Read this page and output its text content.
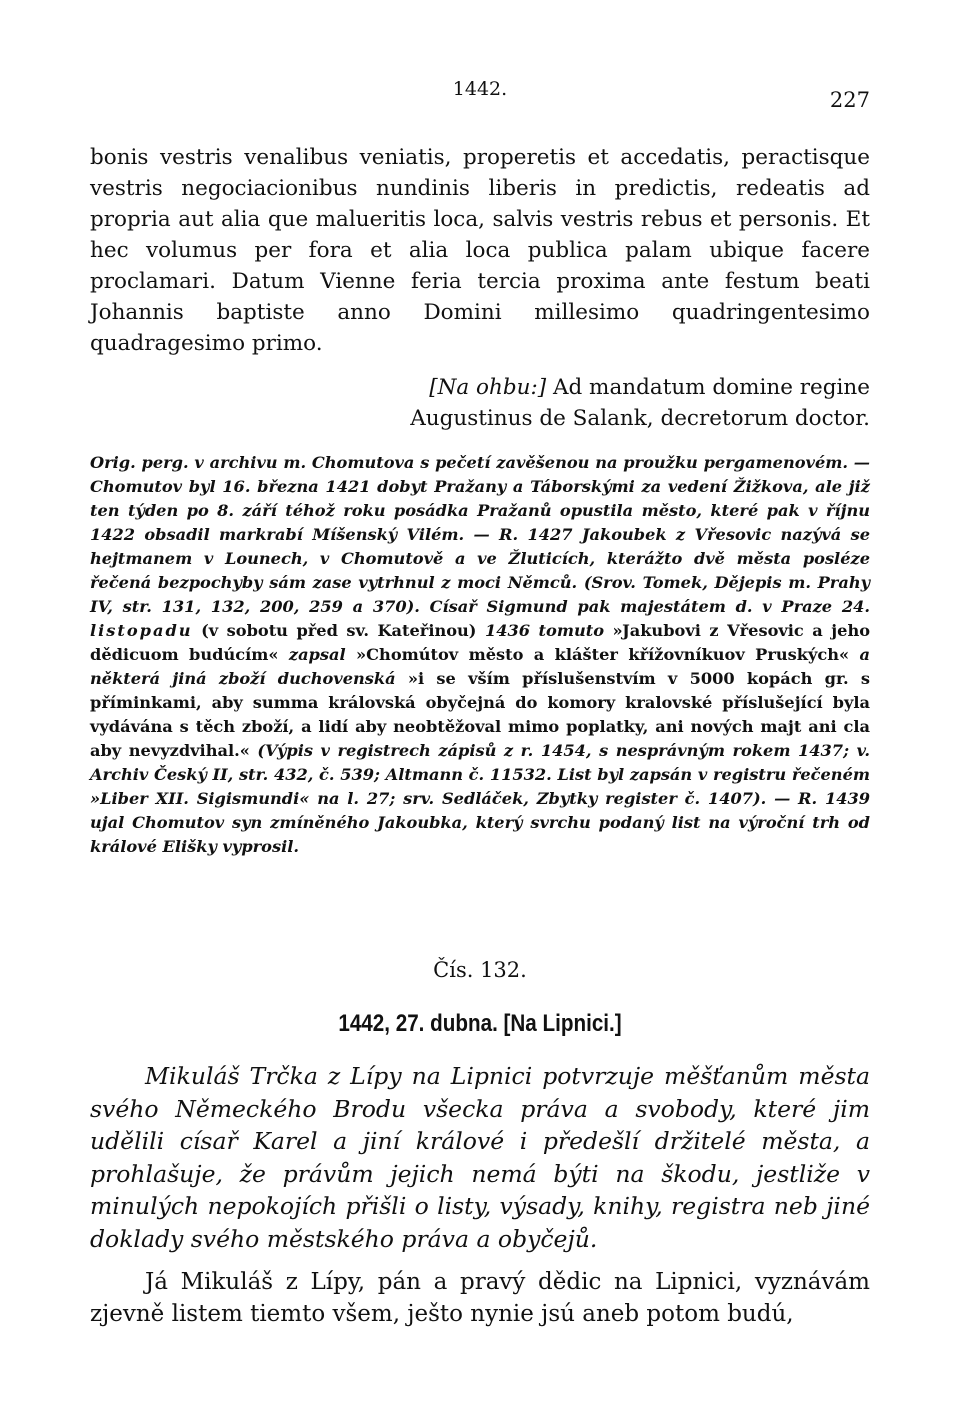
1442.	227

bonis vestris venalibus veniatis, properetis et accedatis, peractisque vestris negociacionibus nundinis liberis in predictis, redeatis ad propria aut alia que malueritis loca, salvis vestris rebus et personis. Et hec volumus per fora et alia loca publica palam ubique facere proclamari. Datum Vienne feria tercia proxima ante festum beati Johannis baptiste anno Domini millesimo quadringentesimo quadragesimo primo.

[Na ohbu:] Ad mandatum domine regine
Augustinus de Salank, decretorum doctor.

Orig. perg. v archivu m. Chomutova s pečetí zavěšenou na proužku pergamenovém. — Chomutov byl 16. března 1421 dobyt Pražany a Táborskými za vedení Žižkova, ale již ten týden po 8. září téhož roku posádka Pražanů opustila město, které pak v říjnu 1422 obsadil markrabí Míšenský Vilém. — R. 1427 Jakoubek z Vřesovic nazývá se hejtmanem v Lounech, v Chomutově a ve Žluticích, kterážto dvě města posléze řečená bezpochyby sám zase vytrhnul z moci Němců. (Srov. Tomek, Dějepis m. Prahy IV, str. 131, 132, 200, 259 a 370). Císař Sigmund pak majestátem d. v Praze 24. listopadu (v sobotu před sv. Kateřinou) 1436 tomuto »Jakubovi z Vřesovic a jeho dědicuom budúcím« zapsal »Chomútov město a klášter křížovníkuov Pruských« a některá jiná zboží duchovenská »i se vším příslušenstvím v 5000 kopách gr. s příminkami, aby summa královská obyčejná do komory kralovské příslušející byla vydávána s těch zboží, a lidí aby neobtěžoval mimo poplatky, ani nových majt ani cla aby nevyzdvihal.« (Výpis v registrech zápisů z r. 1454, s nesprávným rokem 1437; v. Archiv Český II, str. 432, č. 539; Altmann č. 11532. List byl zapsán v registru řečeném »Liber XII. Sigismundi« na l. 27; srv. Sedláček, Zbytky register č. 1407). — R. 1439 ujal Chomutov syn zmíněného Jakoubka, který svrchu podaný list na výroční trh od králové Elišky vyprosil.

Čís. 132.
1442, 27. dubna. [Na Lipnici.]

Mikuláš Trčka z Lípy na Lipnici potvrzuje měšťanům města svého Německého Brodu všecka práva a svobody, které jim udělili císař Karel a jiní králové i předešlí držitelé města, a prohlašuje, že právům jejich nemá býti na škodu, jestliže v minulých nepokojích přišli o listy, výsady, knihy, registra neb jiné doklady svého městského práva a obyčejů.

Já Mikuláš z Lípy, pán a pravý dědic na Lipnici, vyznávám zjevně listem tiemto všem, ješto nynie jsú aneb potom budú,
